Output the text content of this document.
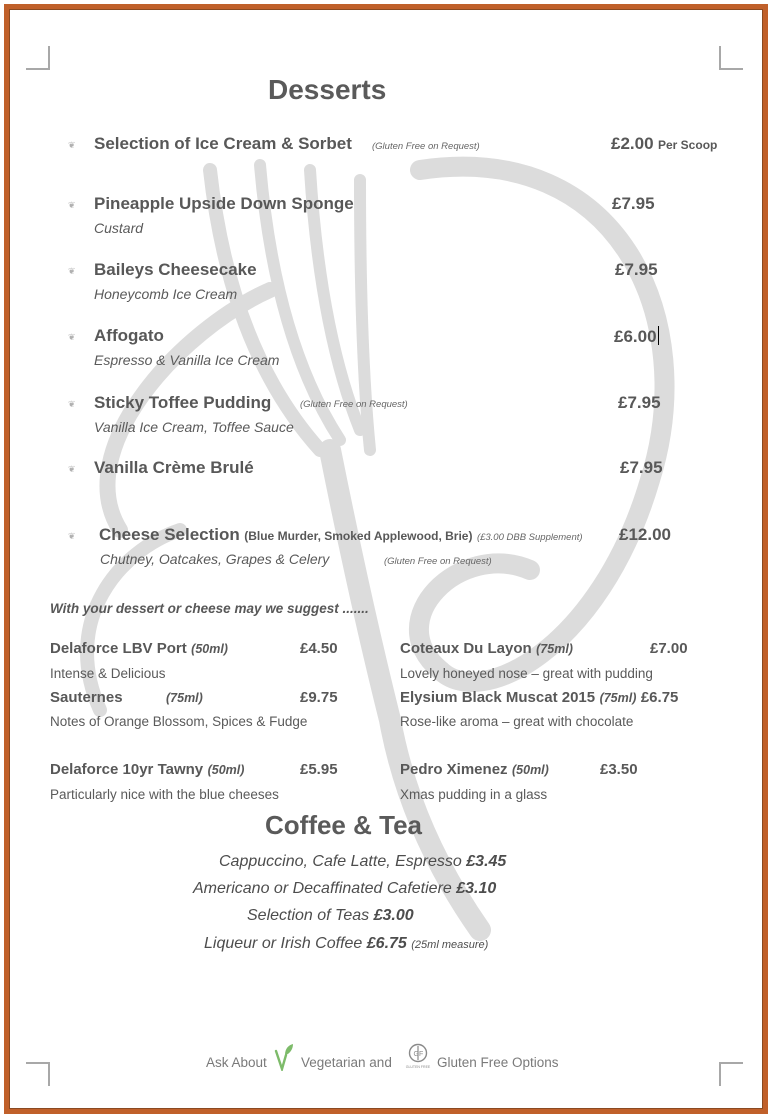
Desserts
❦ Selection of Ice Cream & Sorbet (Gluten Free on Request)	£2.00 Per Scoop
❦ Pineapple Upside Down Sponge
Custard
£7.95
❦ Baileys Cheesecake
Honeycomb Ice Cream
£7.95
❦ Affogato
Espresso & Vanilla Ice Cream
£6.00
❦ Sticky Toffee Pudding	(Gluten Free on Request)
Vanilla Ice Cream, Toffee Sauce
£7.95
❦ Vanilla Crème Brulé	£7.95
❦ Cheese Selection (Blue Murder, Smoked Applewood, Brie) (£3.00 DBB Supplement)
Chutney, Oatcakes, Grapes & Celery	(Gluten Free on Request)
£12.00
With your dessert or cheese may we suggest .......
Delaforce LBV Port (50ml)	£4.50
Intense & Delicious
Sauternes	(75ml)	£9.75
Notes of Orange Blossom, Spices & Fudge
Coteaux Du Layon (75ml)	£7.00
Lovely honeyed nose – great with pudding
Elysium Black Muscat 2015 (75ml) £6.75
Rose-like aroma – great with chocolate
Delaforce 10yr Tawny (50ml)	£5.95
Particularly nice with the blue cheeses
Pedro Ximenez (50ml)	£3.50
Xmas pudding in a glass
Coffee & Tea
Cappuccino, Cafe Latte, Espresso £3.45
Americano or Decaffinated Cafetiere £3.10
Selection of Teas £3.00
Liqueur or Irish Coffee £6.75 (25ml measure)
Ask About	Vegetarian and
G F
GLUTEN FREE Gluten Free Options
